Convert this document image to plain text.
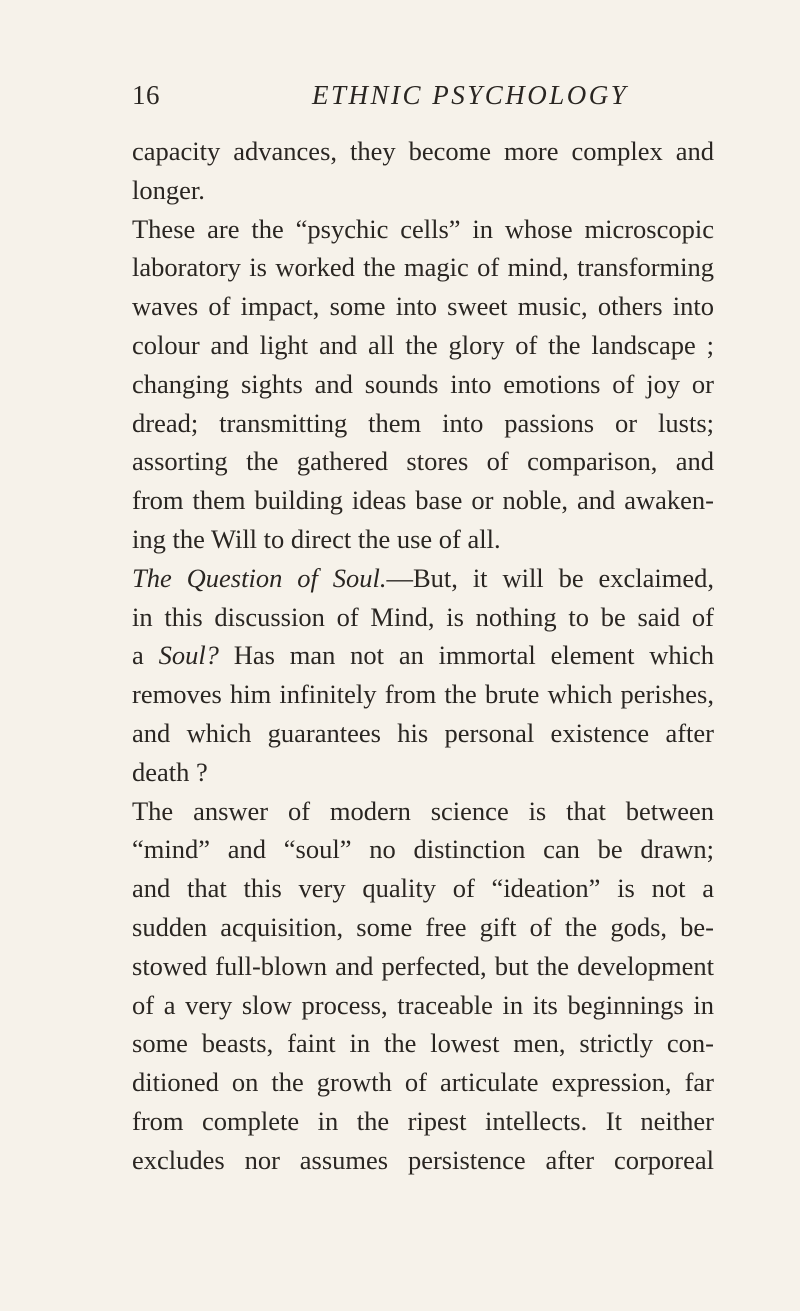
16	ETHNIC PSYCHOLOGY
capacity advances, they become more complex and
longer.
These are the “psychic cells” in whose microscopic
laboratory is worked the magic of mind, transforming
waves of impact, some into sweet music, others into
colour and light and all the glory of the landscape ;
changing sights and sounds into emotions of joy or
dread; transmitting them into passions or lusts;
assorting the gathered stores of comparison, and
from them building ideas base or noble, and awaken-
ing the Will to direct the use of all.
The Question of Soul.—But, it will be exclaimed,
in this discussion of Mind, is nothing to be said of
a Soul? Has man not an immortal element which
removes him infinitely from the brute which perishes,
and which guarantees his personal existence after
death ?
The answer of modern science is that between
“mind” and “soul” no distinction can be drawn;
and that this very quality of “ideation” is not a
sudden acquisition, some free gift of the gods, be-
stowed full-blown and perfected, but the development
of a very slow process, traceable in its beginnings in
some beasts, faint in the lowest men, strictly con-
ditioned on the growth of articulate expression, far
from complete in the ripest intellects. It neither
excludes nor assumes persistence after corporeal
